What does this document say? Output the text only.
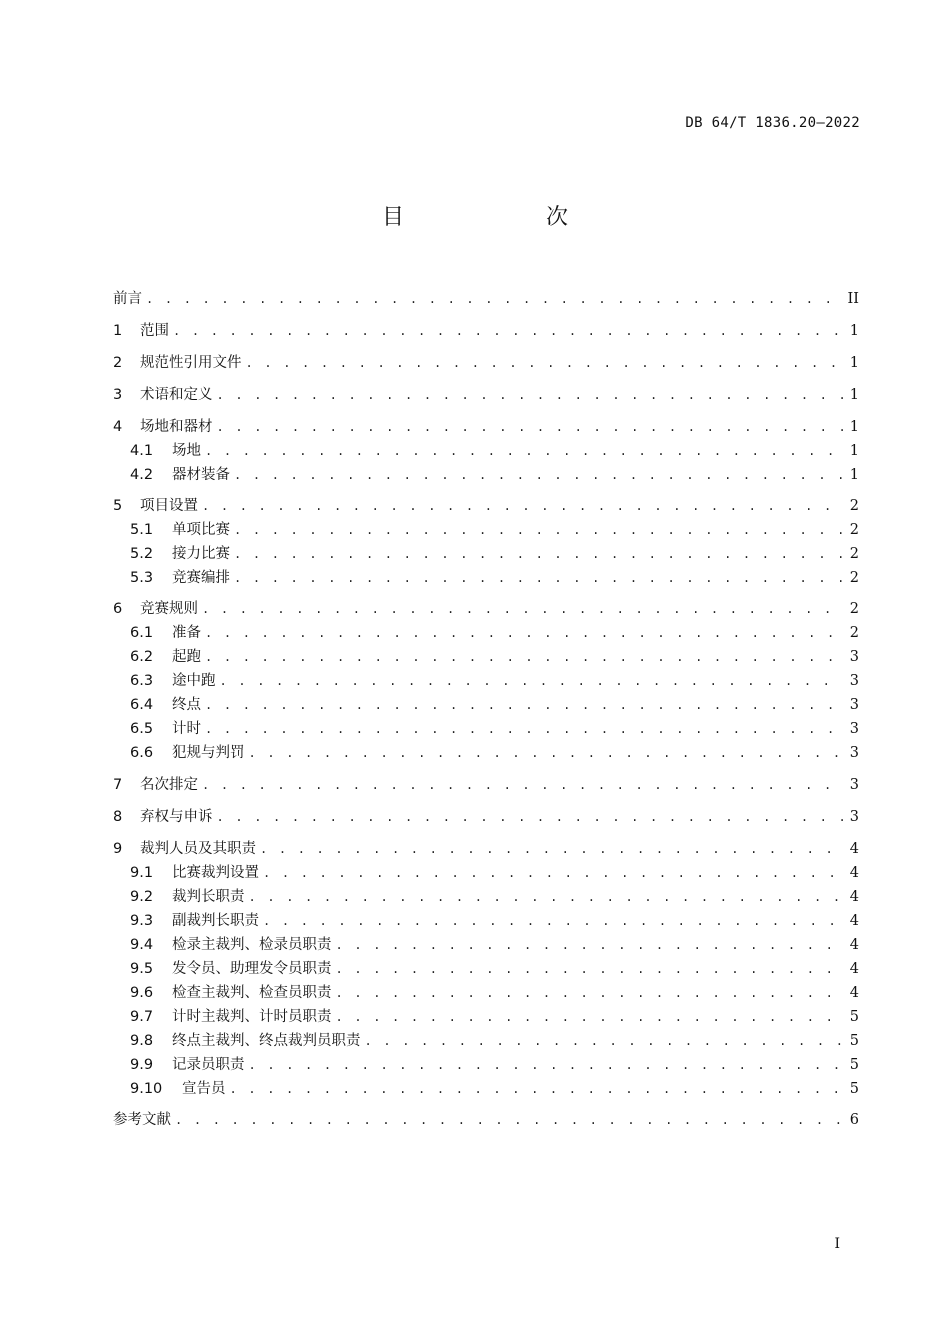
DB 64/T 1836.20—2022
目　次
前言 . . .	II
1	范围 . . .	1
2	规范性引用文件 . . .	1
3	术语和定义 . . .	1
4	场地和器材 . . .	1
4.1	场地 . . .	1
4.2	器材装备 . . .	1
5	项目设置 . . .	2
5.1	单项比赛 . . .	2
5.2	接力比赛 . . .	2
5.3	竞赛编排 . . .	2
6	竞赛规则 . . .	2
6.1	准备 . . .	2
6.2	起跑 . . .	3
6.3	途中跑 . . .	3
6.4	终点 . . .	3
6.5	计时 . . .	3
6.6	犯规与判罚 . . .	3
7	名次排定 . . .	3
8	弃权与申诉 . . .	3
9	裁判人员及其职责 . . .	4
9.1	比赛裁判设置 . . .	4
9.2	裁判长职责 . . .	4
9.3	副裁判长职责 . . .	4
9.4	检录主裁判、检录员职责 . . .	4
9.5	发令员、助理发令员职责 . . .	4
9.6	检查主裁判、检查员职责 . . .	4
9.7	计时主裁判、计时员职责 . . .	5
9.8	终点主裁判、终点裁判员职责 . . .	5
9.9	记录员职责 . . .	5
9.10	宣告员 . . .	5
参考文献 . . .	6
I
